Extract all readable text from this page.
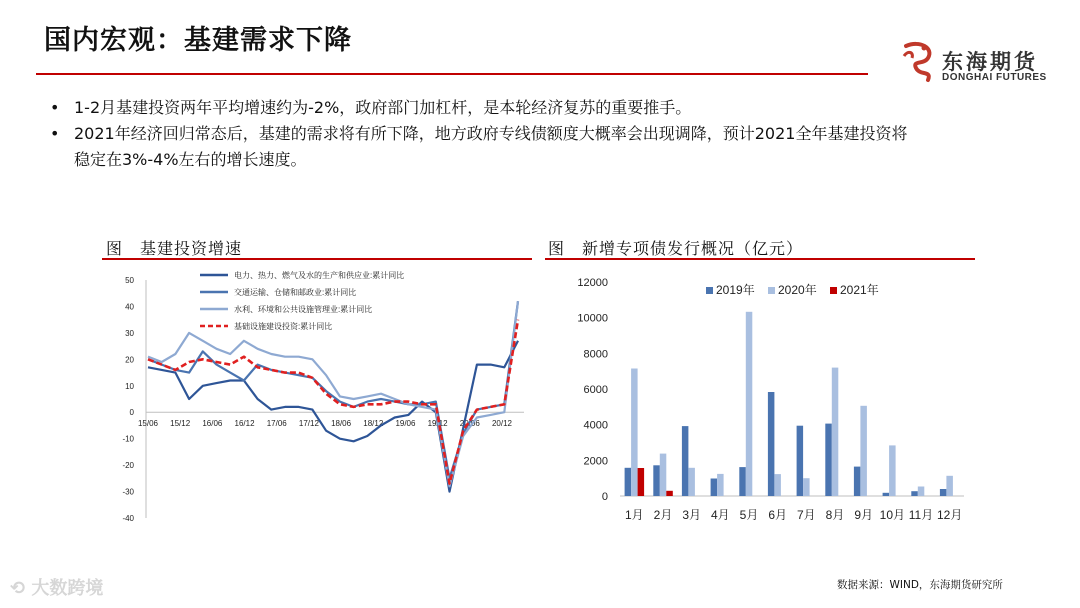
国内宏观：基建需求下降
东海期货
DONGHAI FUTURES
• 1-2月基建投资两年平均增速约为-2%，政府部门加杠杆，是本轮经济复苏的重要推手。
• 2021年经济回归常态后，基建的需求将有所下降，地方政府专线债额度大概率会出现调降，预计2021全年基建投资将稳定在3%-4%左右的增长速度。
图　基建投资增速	图　新增专项债发行概况（亿元）
50
40
30
20
10
0
-10
-20
-30
-40
15/06 15/12 16/06 16/12 17/06 17/12 18/06 18/12 19/06 19/12 20/06 20/12
电力、热力、燃气及水的生产和供应业:累计同比
交通运输、仓储和邮政业:累计同比
水利、环境和公共设施管理业:累计同比
基础设施建设投资:累计同比
0
2000
4000
6000
8000
10000
12000
1月 2月 3月 4月 5月 6月 7月 8月 9月 10月 11月 12月
2019年 2020年 2021年
数据来源：WIND，东海期货研究所
⟲ 大数跨境
